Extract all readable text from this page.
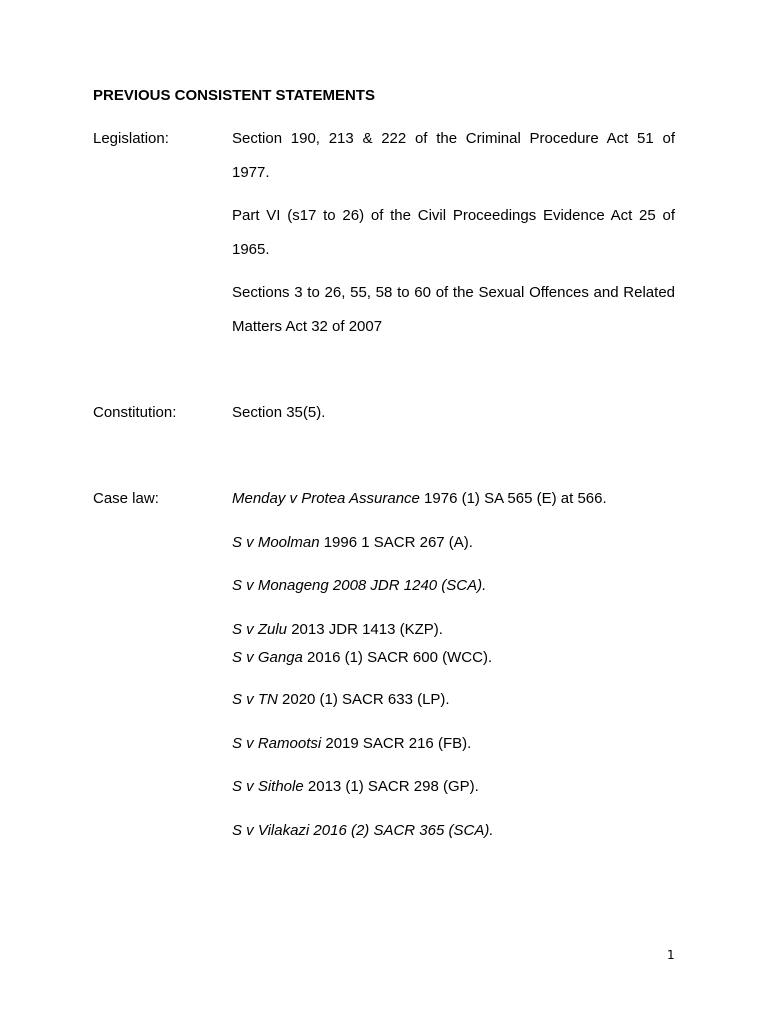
PREVIOUS CONSISTENT STATEMENTS
Legislation:	Section 190, 213 & 222 of the Criminal Procedure Act 51 of
1977.
Part VI (s17 to 26) of the Civil Proceedings Evidence Act 25 of
1965.
Sections 3 to 26, 55, 58 to 60 of the Sexual Offences and Related
Matters Act 32 of 2007
Constitution:	Section 35(5).
Case law:	Menday v Protea Assurance 1976 (1) SA 565 (E) at 566.
S v Moolman 1996 1 SACR 267 (A).
S v Monageng 2008 JDR 1240 (SCA).
S v Zulu 2013 JDR 1413 (KZP).
S v Ganga 2016 (1) SACR 600 (WCC).
S v TN 2020 (1) SACR 633 (LP).
S v Ramootsi 2019 SACR 216 (FB).
S v Sithole 2013 (1) SACR 298 (GP).
S v Vilakazi 2016 (2) SACR 365 (SCA).
1
